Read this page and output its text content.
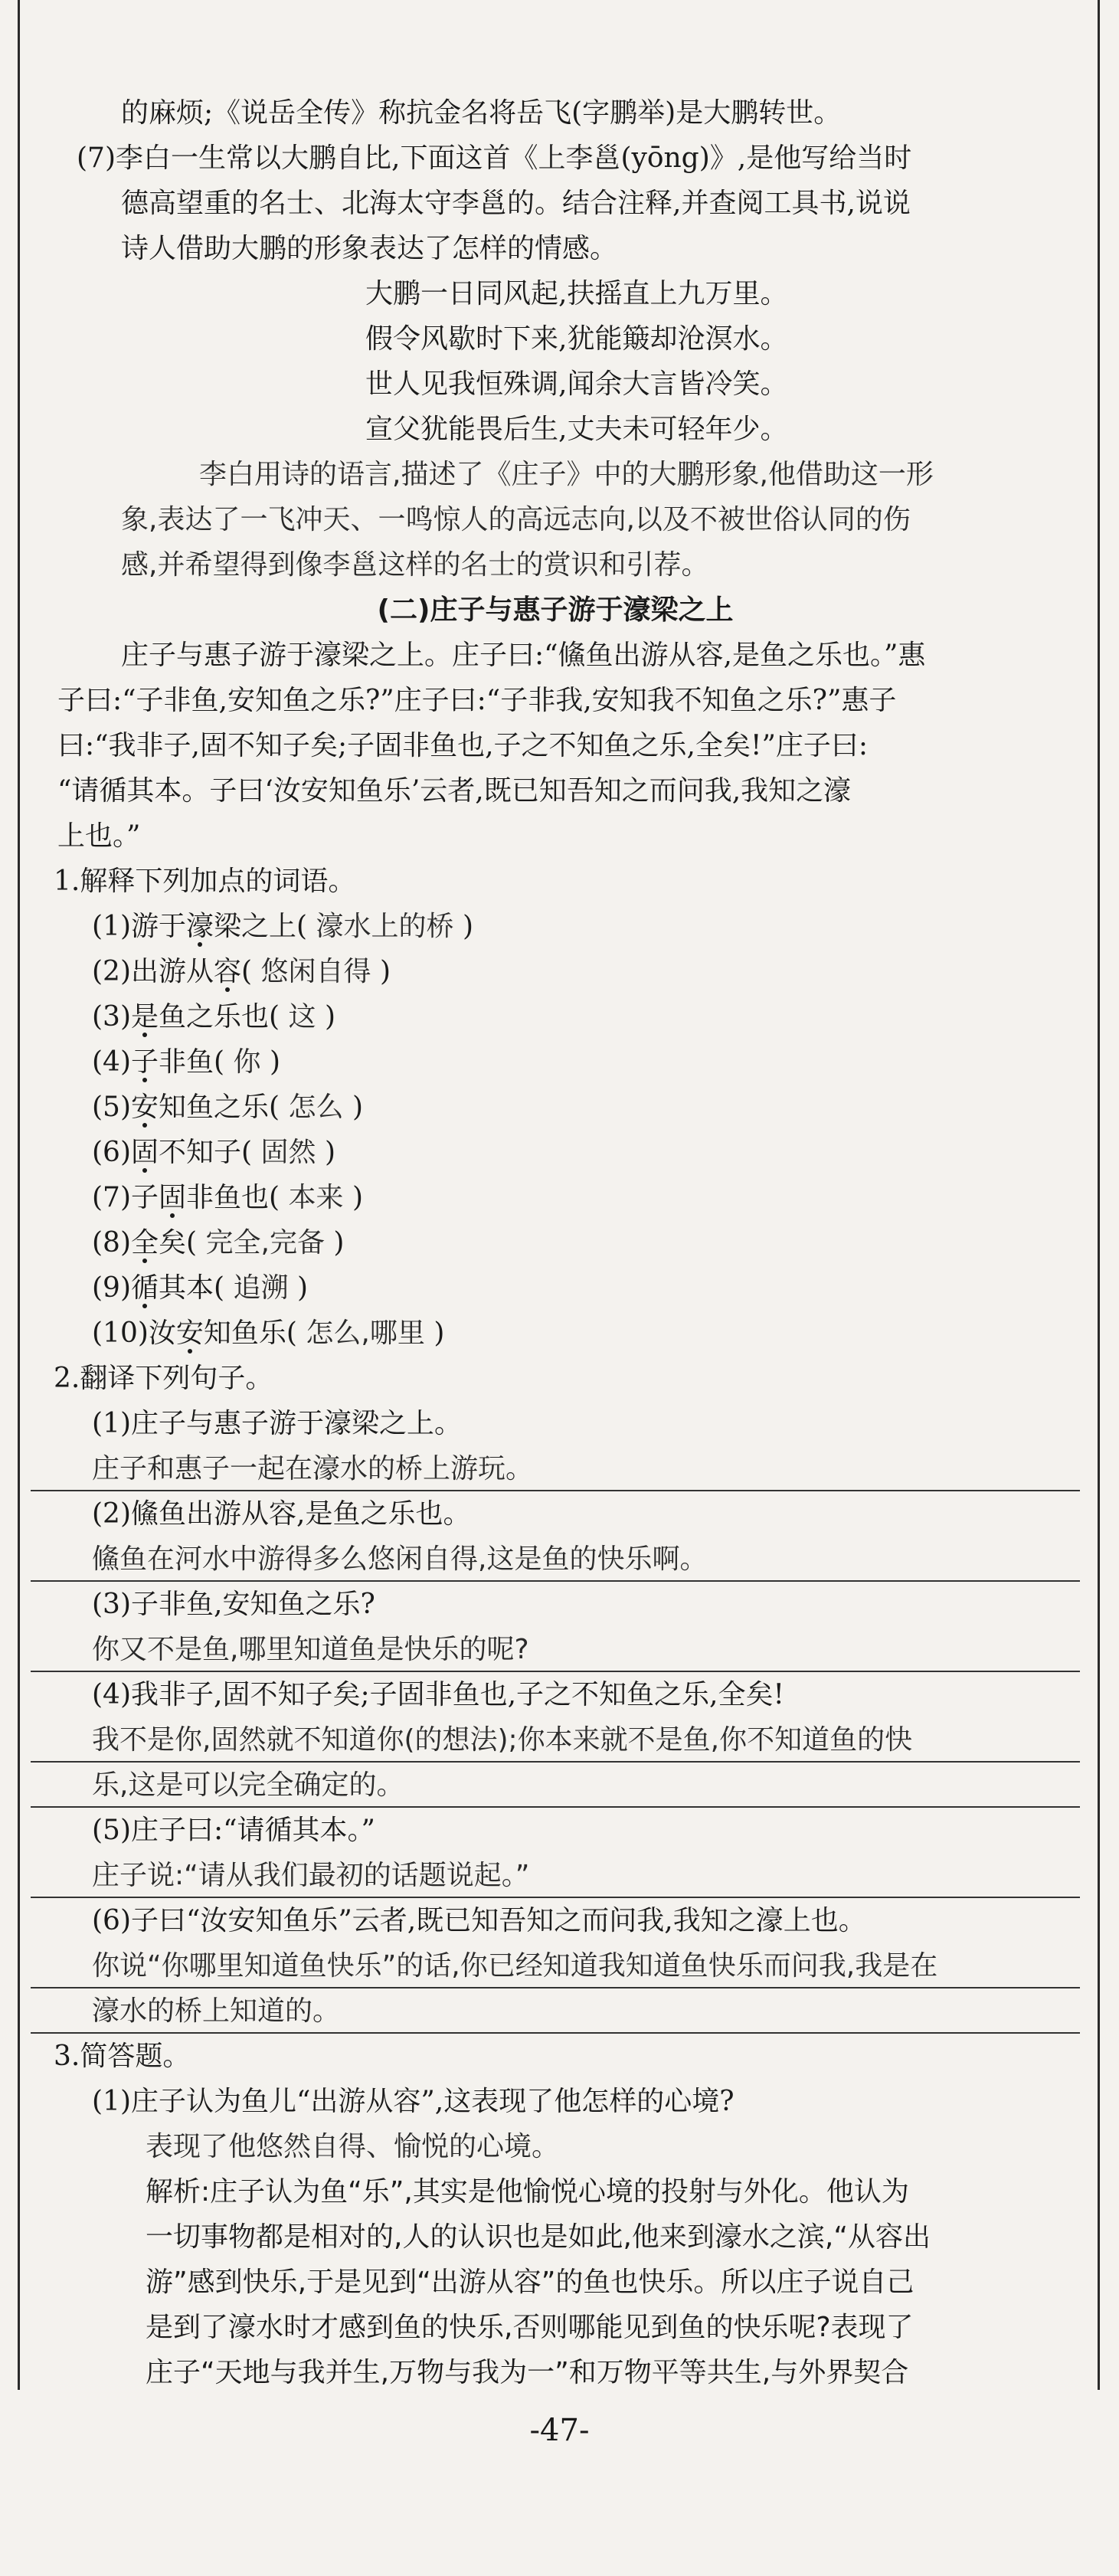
的麻烦;《说岳全传》称抗金名将岳飞(字鹏举)是大鹏转世。
(7)李白一生常以大鹏自比,下面这首《上李邕(yōng)》,是他写给当时
德高望重的名士、北海太守李邕的。结合注释,并查阅工具书,说说
诗人借助大鹏的形象表达了怎样的情感。
大鹏一日同风起,扶摇直上九万里。
假令风歇时下来,犹能簸却沧溟水。
世人见我恒殊调,闻余大言皆冷笑。
宣父犹能畏后生,丈夫未可轻年少。
李白用诗的语言,描述了《庄子》中的大鹏形象,他借助这一形
象,表达了一飞冲天、一鸣惊人的高远志向,以及不被世俗认同的伤
感,并希望得到像李邕这样的名士的赏识和引荐。
(二)庄子与惠子游于濠梁之上
庄子与惠子游于濠梁之上。庄子曰:“鯈鱼出游从容,是鱼之乐也。”惠
子曰:“子非鱼,安知鱼之乐?”庄子曰:“子非我,安知我不知鱼之乐?”惠子
曰:“我非子,固不知子矣;子固非鱼也,子之不知鱼之乐,全矣!”庄子曰:
“请循其本。子曰‘汝安知鱼乐’云者,既已知吾知之而问我,我知之濠
上也。”
1.解释下列加点的词语。
(1)游于濠梁之上( 濠水上的桥 )
(2)出游从容( 悠闲自得 )
(3)是鱼之乐也( 这 )
(4)子非鱼( 你 )
(5)安知鱼之乐( 怎么 )
(6)固不知子( 固然 )
(7)子固非鱼也( 本来 )
(8)全矣( 完全,完备 )
(9)循其本( 追溯 )
(10)汝安知鱼乐( 怎么,哪里 )
2.翻译下列句子。
(1)庄子与惠子游于濠梁之上。
庄子和惠子一起在濠水的桥上游玩。
(2)鯈鱼出游从容,是鱼之乐也。
鯈鱼在河水中游得多么悠闲自得,这是鱼的快乐啊。
(3)子非鱼,安知鱼之乐?
你又不是鱼,哪里知道鱼是快乐的呢?
(4)我非子,固不知子矣;子固非鱼也,子之不知鱼之乐,全矣!
我不是你,固然就不知道你(的想法);你本来就不是鱼,你不知道鱼的快
乐,这是可以完全确定的。
(5)庄子曰:“请循其本。”
庄子说:“请从我们最初的话题说起。”
(6)子曰“汝安知鱼乐”云者,既已知吾知之而问我,我知之濠上也。
你说“你哪里知道鱼快乐”的话,你已经知道我知道鱼快乐而问我,我是在
濠水的桥上知道的。
3.简答题。
(1)庄子认为鱼儿“出游从容”,这表现了他怎样的心境?
表现了他悠然自得、愉悦的心境。
解析:庄子认为鱼“乐”,其实是他愉悦心境的投射与外化。他认为
一切事物都是相对的,人的认识也是如此,他来到濠水之滨,“从容出
游”感到快乐,于是见到“出游从容”的鱼也快乐。所以庄子说自己
是到了濠水时才感到鱼的快乐,否则哪能见到鱼的快乐呢?表现了
庄子“天地与我并生,万物与我为一”和万物平等共生,与外界契合
-47-
